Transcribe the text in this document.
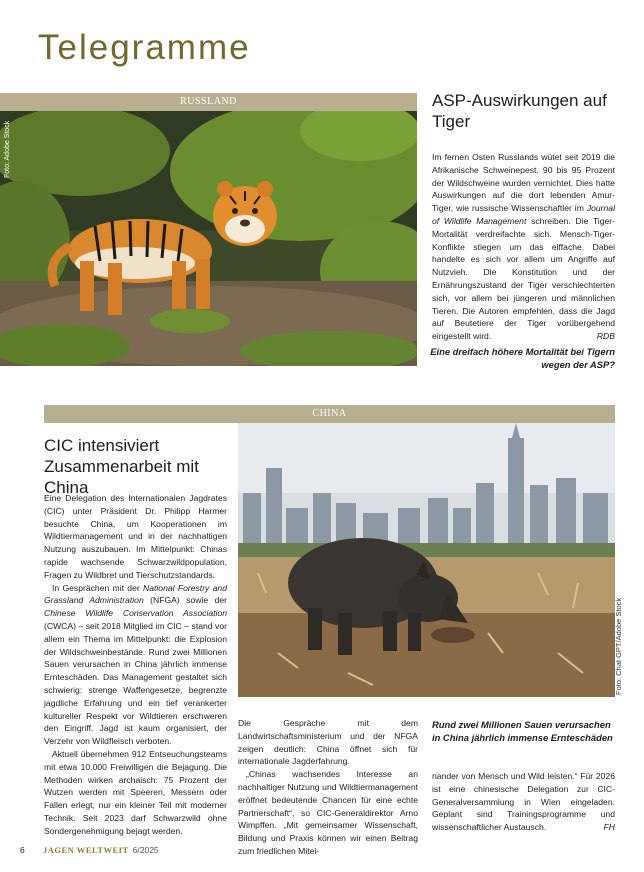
Telegramme
RUSSLAND
Foto: Adobe Stock
ASP-Auswirkungen auf Tiger

Im fernen Osten Russlands wütet seit 2019 die Afrikanische Schweinepest. 90 bis 95 Prozent der Wildschweine wurden vernichtet. Dies hatte Auswirkungen auf die dort lebenden Amur-Tiger, wie russische Wissenschaftler im Journal of Wildlife Management schreiben. Die Tiger-Mortalität verdreifachte sich. Mensch-Tiger-Konflikte stiegen um das elffache. Dabei handelte es sich vor allem um Angriffe auf Nutzvieh. Die Konstitution und der Ernährungszustand der Tiger verschlechterten sich, vor allem bei jüngeren und männlichen Tieren. Die Autoren empfehlen, dass die Jagd auf Beutetiere der Tiger vorübergehend eingestellt wird.	RDB

Eine dreifach höhere Mortalität bei Tigern wegen der ASP?
CHINA
CIC intensiviert Zusammenarbeit mit China
Foto: Chat GPT/Adobe Stock

Eine Delegation des Internationalen Jagdrates (CIC) unter Präsident Dr. Philipp Harmer besuchte China, um Kooperationen im Wildtiermanagement und in der nachhaltigen Nutzung auszubauen. Im Mittelpunkt: Chinas rapide wachsende Schwarzwildpopulation, Fragen zu Wildbret und Tierschutzstandards.

In Gesprächen mit der National Forestry and Grassland Administration (NFGA) sowie der Chinese Wildlife Conservation Association (CWCA) – seit 2018 Mitglied im CIC – stand vor allem ein Thema im Mittelpunkt: die Explosion der Wildschweinbestände. Rund zwei Millionen Sauen verursachen in China jährlich immense Ernteschäden. Das Management gestaltet sich schwierig: strenge Waffengesetze, begrenzte jagdliche Erfahrung und ein tief verankerter kultureller Respekt vor Wildtieren erschweren den Eingriff. Jagd ist kaum organisiert, der Verzehr von Wildfleisch verboten.

Aktuell übernehmen 912 Entseuchungsteams mit etwa 10.000 Freiwilligen die Bejagung. Die Methoden wirken archaisch: 75 Prozent der Wutzen werden mit Speeren, Messern oder Fallen erlegt, nur ein kleiner Teil mit moderner Technik. Seit 2023 darf Schwarzwild ohne Sondergenehmigung bejagt werden.

Die Gespräche mit dem Landwirtschaftsministerium und der NFGA zeigen deutlich: China öffnet sich für internationale Jagderfahrung.

„Chinas wachsendes Interesse an nachhaltiger Nutzung und Wildtiermanagement eröffnet bedeutende Chancen für eine echte Partnerschaft“, so CIC-Generaldirektor Arno Wimpffen. „Mit gemeinsamer Wissenschaft, Bildung und Praxis können wir einen Beitrag zum friedlichen Mitei-

Rund zwei Millionen Sauen verursachen in China jährlich immense Ernteschäden

nander von Mensch und Wild leisten.“ Für 2026 ist eine chinesische Delegation zur CIC-Generalversammlung in Wien eingeladen. Geplant sind Trainingsprogramme und wissenschaftlicher Austausch.	FH

6 JAGEN WELTWEIT 6/2025
